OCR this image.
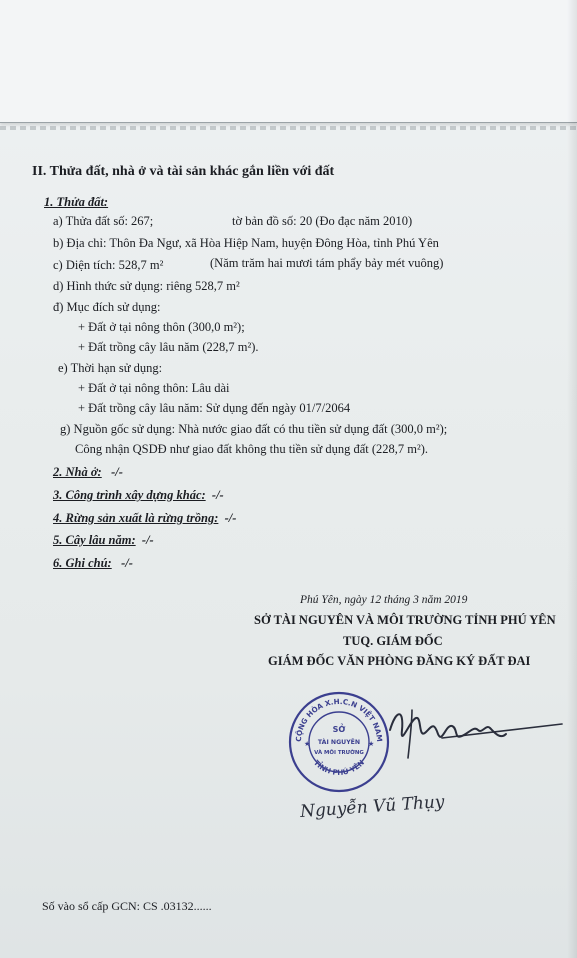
II. Thửa đất, nhà ở và tài sản khác gắn liền với đất
1. Thửa đất:
a) Thửa đất số: 267;	tờ bản đồ số: 20 (Đo đạc năm 2010)
b) Địa chỉ: Thôn Đa Ngư, xã Hòa Hiệp Nam, huyện Đông Hòa, tỉnh Phú Yên
c) Diện tích: 528,7 m²	(Năm trăm hai mươi tám phẩy bảy mét vuông)
d) Hình thức sử dụng: riêng 528,7 m²
đ) Mục đích sử dụng:
+ Đất ở tại nông thôn (300,0 m²);
+ Đất trồng cây lâu năm (228,7 m²).
e) Thời hạn sử dụng:
+ Đất ở tại nông thôn: Lâu dài
+ Đất trồng cây lâu năm: Sử dụng đến ngày 01/7/2064
g) Nguồn gốc sử dụng: Nhà nước giao đất có thu tiền sử dụng đất (300,0 m²);
Công nhận QSDĐ như giao đất không thu tiền sử dụng đất (228,7 m²).
2. Nhà ở: -/-
3. Công trình xây dựng khác: -/-
4. Rừng sản xuất là rừng trồng: -/-
5. Cây lâu năm: -/-
6. Ghi chú: -/-
Phú Yên, ngày 12 tháng 3 năm 2019
SỞ TÀI NGUYÊN VÀ MÔI TRƯỜNG TỈNH PHÚ YÊN
TUQ. GIÁM ĐỐC
GIÁM ĐỐC VĂN PHÒNG ĐĂNG KÝ ĐẤT ĐAI
CỘNG HÒA X.H.C.N VIỆT NAM
TỈNH PHÚ YÊN
SỞ
TÀI NGUYÊN
VÀ MÔI TRƯỜNG
★	★
Nguyễn Vũ Thụy
Số vào sổ cấp GCN: CS .03132......
